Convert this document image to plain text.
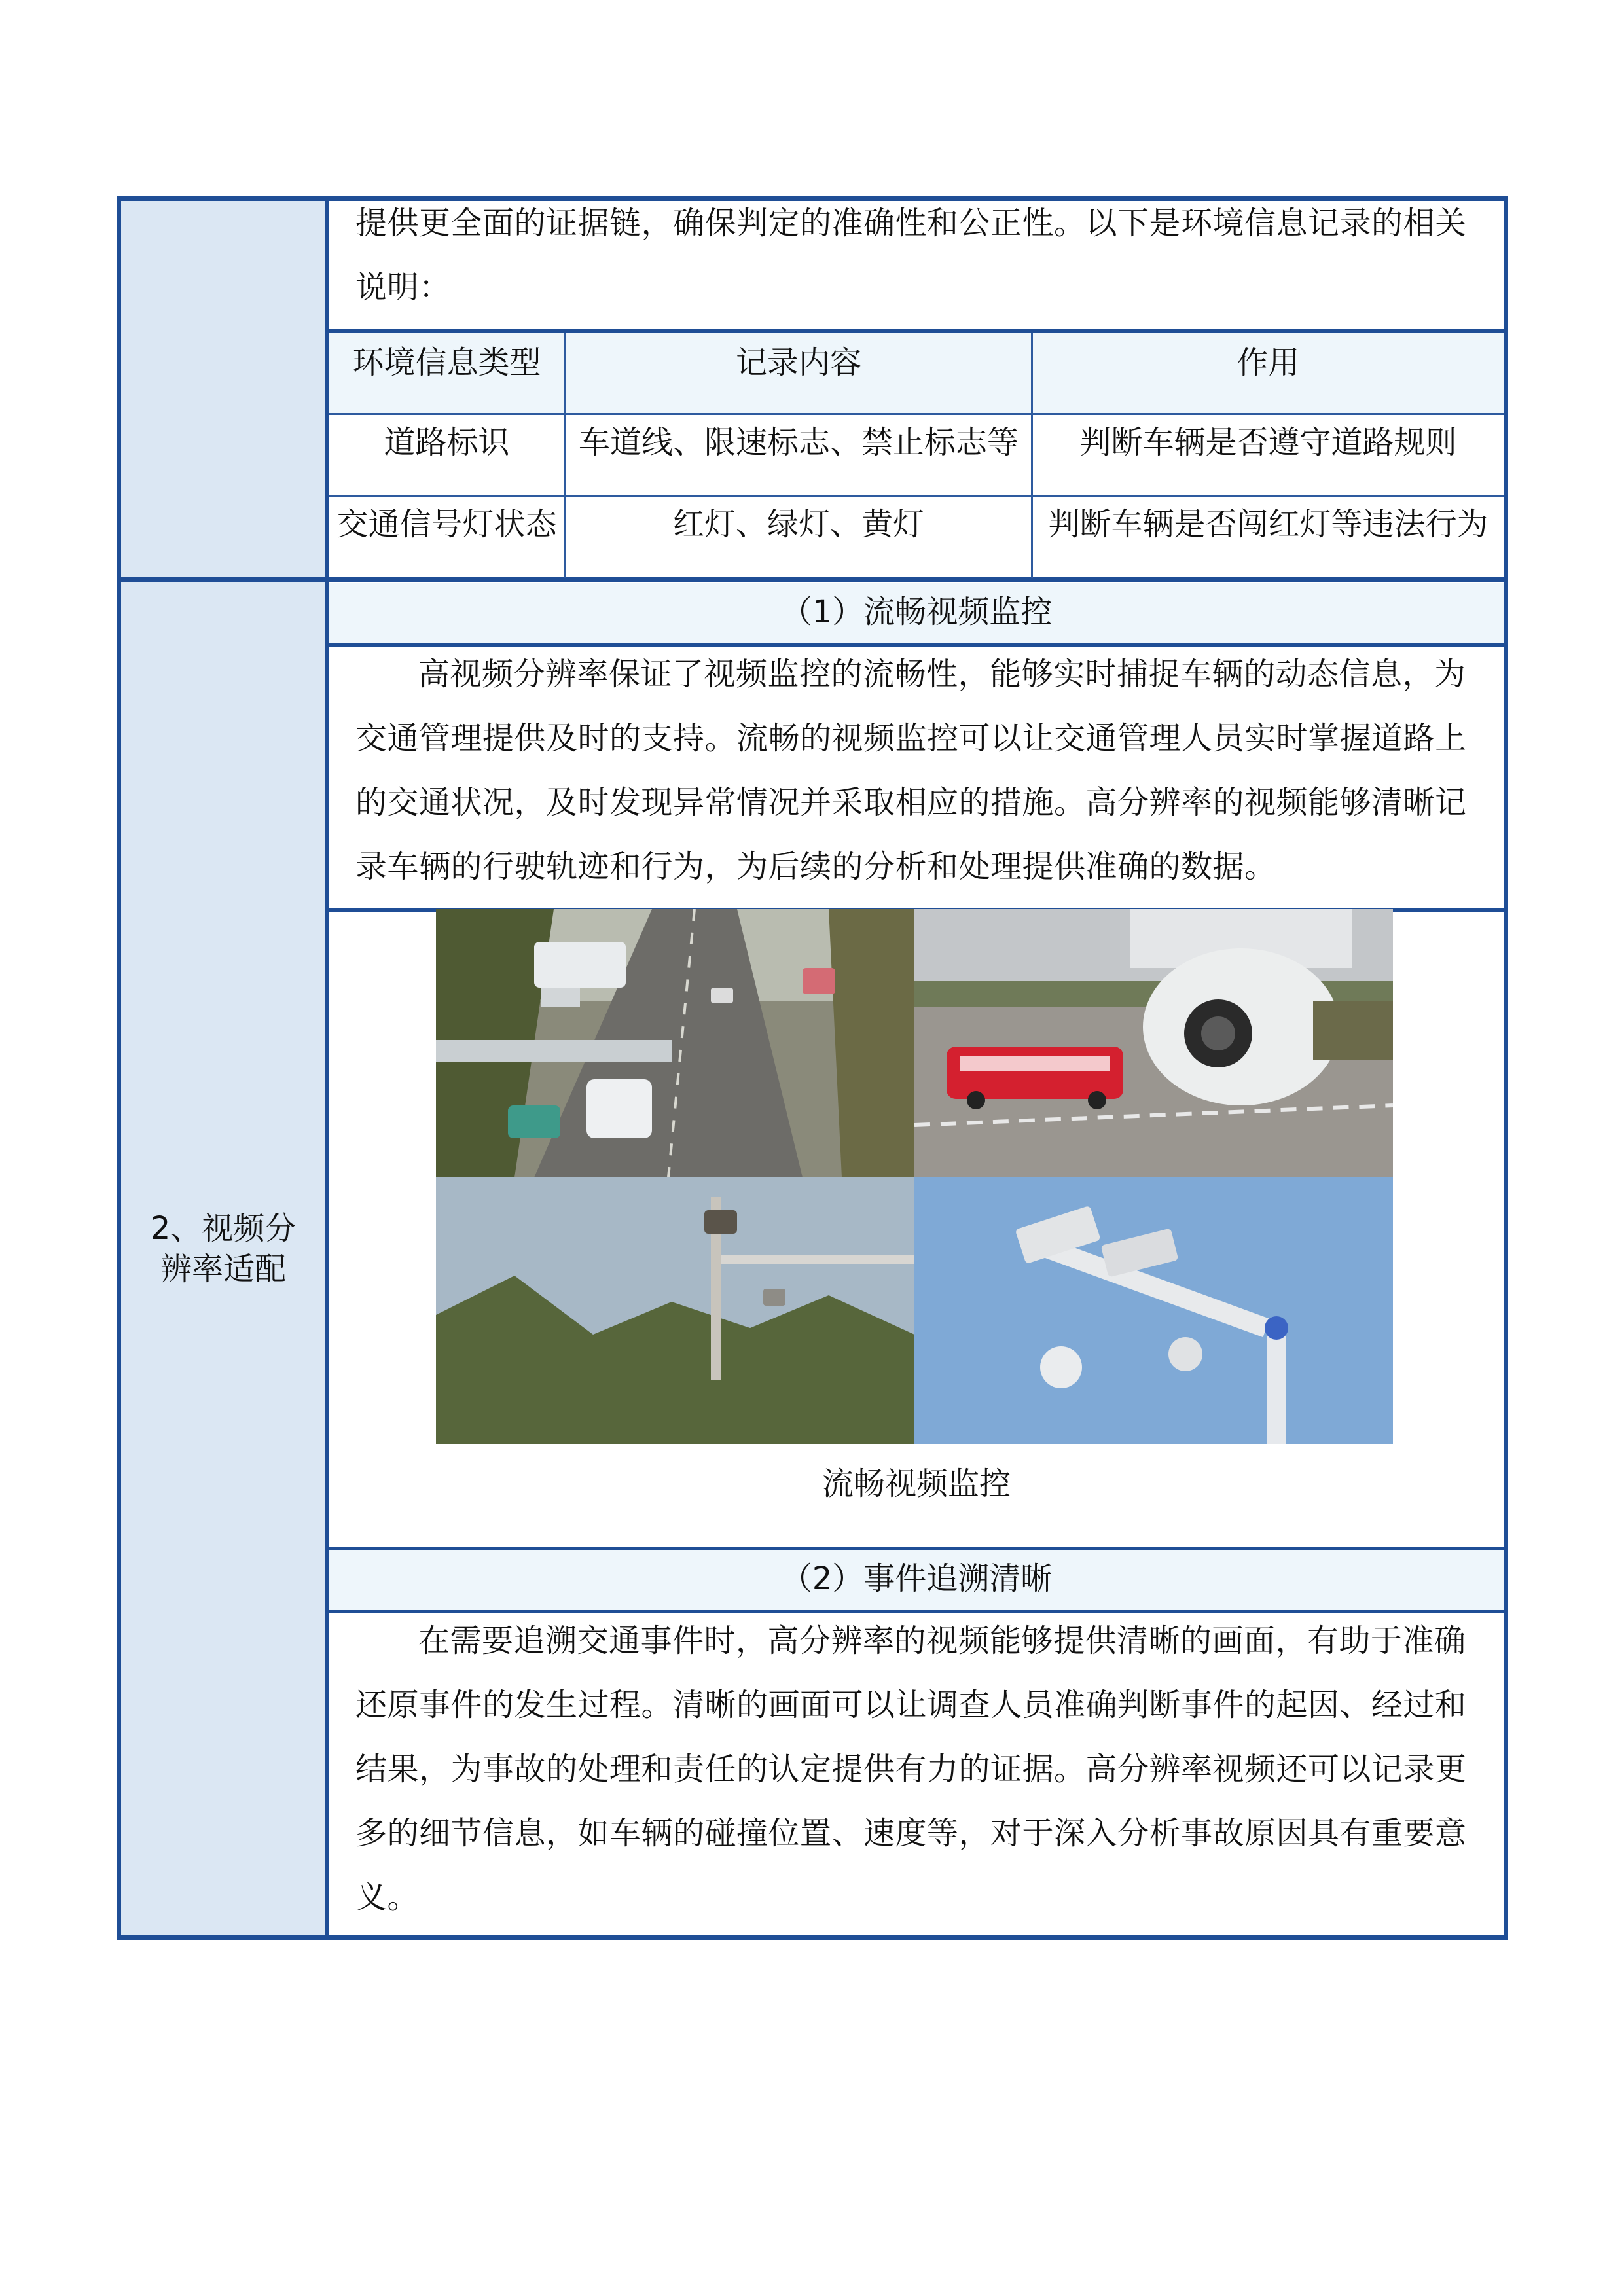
提供更全面的证据链，确保判定的准确性和公正性。以下是环境信息记录的相关说明：
环境信息类型	记录内容	作用
道路标识	车道线、限速标志、禁止标志等	判断车辆是否遵守道路规则
交通信号灯状态	红灯、绿灯、黄灯	判断车辆是否闯红灯等违法行为
2、视频分辨率适配
（1）流畅视频监控
高视频分辨率保证了视频监控的流畅性，能够实时捕捉车辆的动态信息，为交通管理提供及时的支持。流畅的视频监控可以让交通管理人员实时掌握道路上的交通状况，及时发现异常情况并采取相应的措施。高分辨率的视频能够清晰记录车辆的行驶轨迹和行为，为后续的分析和处理提供准确的数据。
流畅视频监控
（2）事件追溯清晰
在需要追溯交通事件时，高分辨率的视频能够提供清晰的画面，有助于准确还原事件的发生过程。清晰的画面可以让调查人员准确判断事件的起因、经过和结果，为事故的处理和责任的认定提供有力的证据。高分辨率视频还可以记录更多的细节信息，如车辆的碰撞位置、速度等，对于深入分析事故原因具有重要意义。
